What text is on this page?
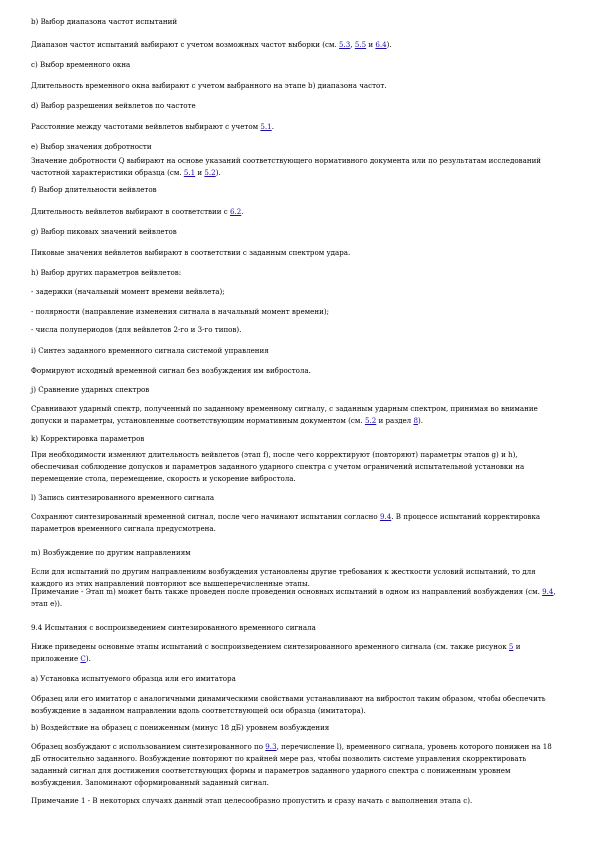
b) Выбор диапазона частот испытаний

Диапазон частот испытаний выбирают с учетом возможных частот выборки (см. 5.3, 5.5 и 6.4).

c) Выбор временного окна

Длительность временного окна выбирают с учетом выбранного на этапе b) диапазона частот.

d) Выбор разрешения вейвлетов по частоте

Расстояние между частотами вейвлетов выбирают с учетом 5.1.

e) Выбор значения добротности

Значение добротности Q выбирают на основе указаний соответствующего нормативного документа или по результатам исследований частотной характеристики образца (см. 5.1 и 5.2).

f) Выбор длительности вейвлетов

Длительность вейвлетов выбирают в соответствии с 6.2.

g) Выбор пиковых значений вейвлетов

Пиковые значения вейвлетов выбирают в соответствии с заданным спектром удара.

h) Выбор других параметров вейвлетов:

- задержки (начальный момент времени вейвлета);

- полярности (направление изменения сигнала в начальный момент времени);

- числа полупериодов (для вейвлетов 2-го и 3-го типов).

i) Синтез заданного временного сигнала системой управления

Формируют исходный временной сигнал без возбуждения им вибростола.

j) Сравнение ударных спектров

Сравнивают ударный спектр, полученный по заданному временному сигналу, с заданным ударным спектром, принимая во внимание допуски и параметры, установленные соответствующим нормативным документом (см. 5.2 и раздел 8).

k) Корректировка параметров

При необходимости изменяют длительность вейвлетов (этап f), после чего корректируют (повторяют) параметры этапов g) и h), обеспечивая соблюдение допусков и параметров заданного ударного спектра с учетом ограничений испытательной установки на перемещение стола, перемещение, скорость и ускорение вибростола.

l) Запись синтезированного временного сигнала

Сохраняют синтезированный временной сигнал, после чего начинают испытания согласно 9.4. В процессе испытаний корректировка параметров временного сигнала предусмотрена.

m) Возбуждение по другим направлениям

Если для испытаний по другим направлениям возбуждения установлены другие требования к жесткости условий испытаний, то для каждого из этих направлений повторяют все вышеперечисленные этапы.

Примечание - Этап m) может быть также проведен после проведения основных испытаний в одном из направлений возбуждения (см. 9.4, этап e)).

9.4 Испытания с воспроизведением синтезированного временного сигнала

Ниже приведены основные этапы испытаний с воспроизведением синтезированного временного сигнала (см. также рисунок 5 и приложение C).

a) Установка испытуемого образца или его имитатора

Образец или его имитатор с аналогичными динамическими свойствами устанавливают на вибростол таким образом, чтобы обеспечить возбуждение в заданном направлении вдоль соответствующей оси образца (имитатора).

b) Воздействие на образец с пониженным (минус 18 дБ) уровнем возбуждения

Образец возбуждают с использованием синтезированного по 9.3, перечисление l), временного сигнала, уровень которого понижен на 18 дБ относительно заданного. Возбуждение повторяют по крайней мере раз, чтобы позволить системе управления скорректировать заданный сигнал для достижения соответствующих формы и параметров заданного ударного спектра с пониженным уровнем возбуждения. Запоминают сформированный заданный сигнал.

Примечание 1 - В некоторых случаях данный этап целесообразно пропустить и сразу начать с выполнения этапа c).
